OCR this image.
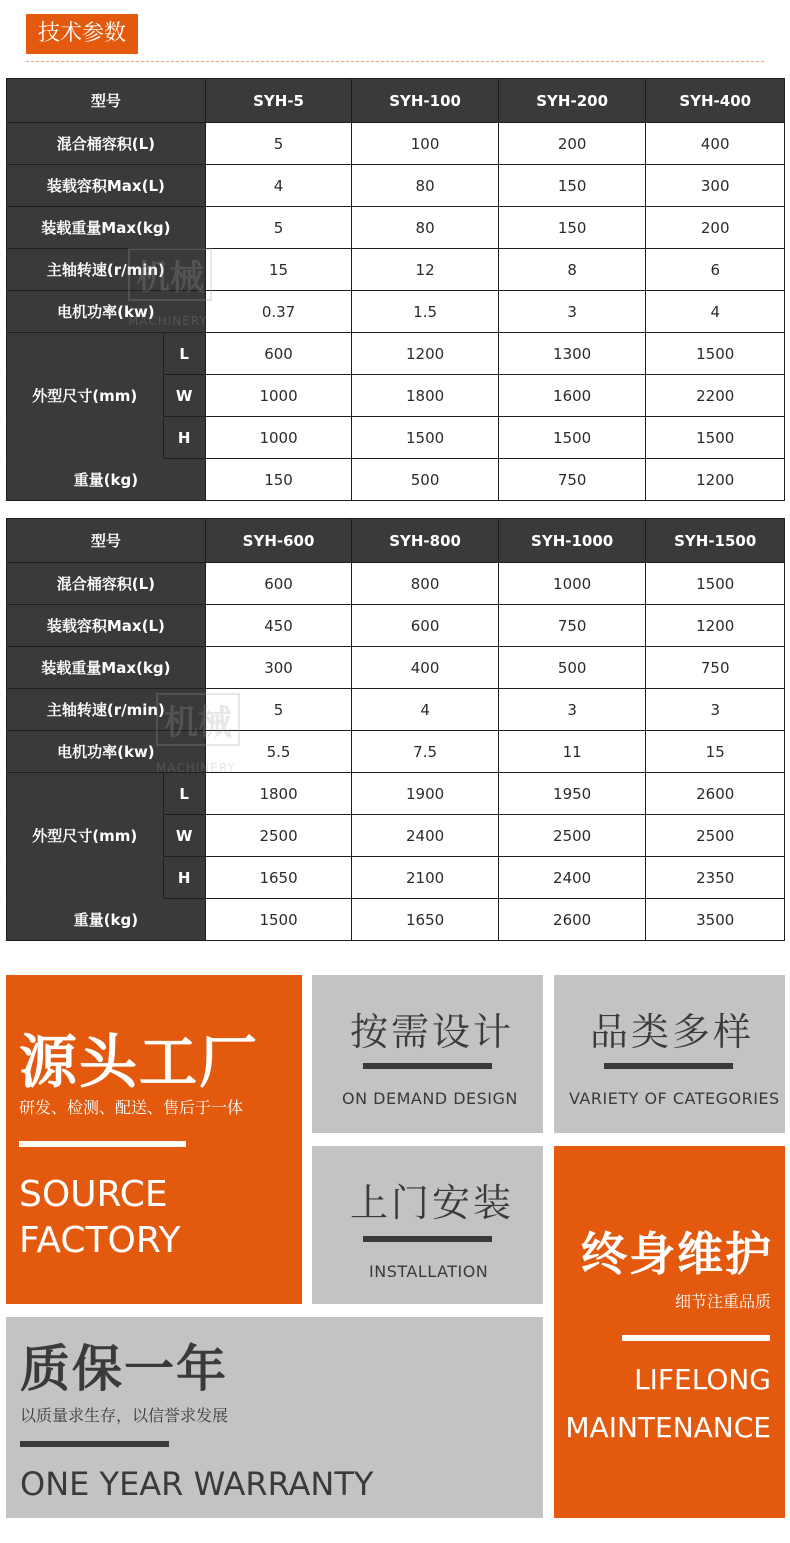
技术参数
型号		SYH-5	SYH-100	SYH-200	SYH-400
混合桶容积(L)		5	100	200	400
装载容积Max(L)		4	80	150	300
装载重量Max(kg)		5	80	150	200
主轴转速(r/min)		15	12	8	6
电机功率(kw)		0.37	1.5	3	4
	L	600	1200	1300	1500
外型尺寸(mm)	W	1000	1800	1600	2200
	H	1000	1500	1500	1500
重量(kg)		150	500	750	1200
型号		SYH-600	SYH-800	SYH-1000	SYH-1500
混合桶容积(L)		600	800	1000	1500
装载容积Max(L)		450	600	750	1200
装载重量Max(kg)		300	400	500	750
主轴转速(r/min)		5	4	3	3
电机功率(kw)		5.5	7.5	11	15
	L	1800	1900	1950	2600
外型尺寸(mm)	W	2500	2400	2500	2500
	H	1650	2100	2400	2350
重量(kg)		1500	1650	2600	3500
机械
MACHINERY
机械
MACHINERY
源头工厂
研发、检测、配送、售后于一体
SOURCE
FACTORY
按需设计
ON DEMAND DESIGN
品类多样
VARIETY OF CATEGORIES
上门安装
INSTALLATION 终身维护
细节注重品质
LIFELONG
MAINTENANCE
质保一年
以质量求生存，以信誉求发展
ONE YEAR WARRANTY
